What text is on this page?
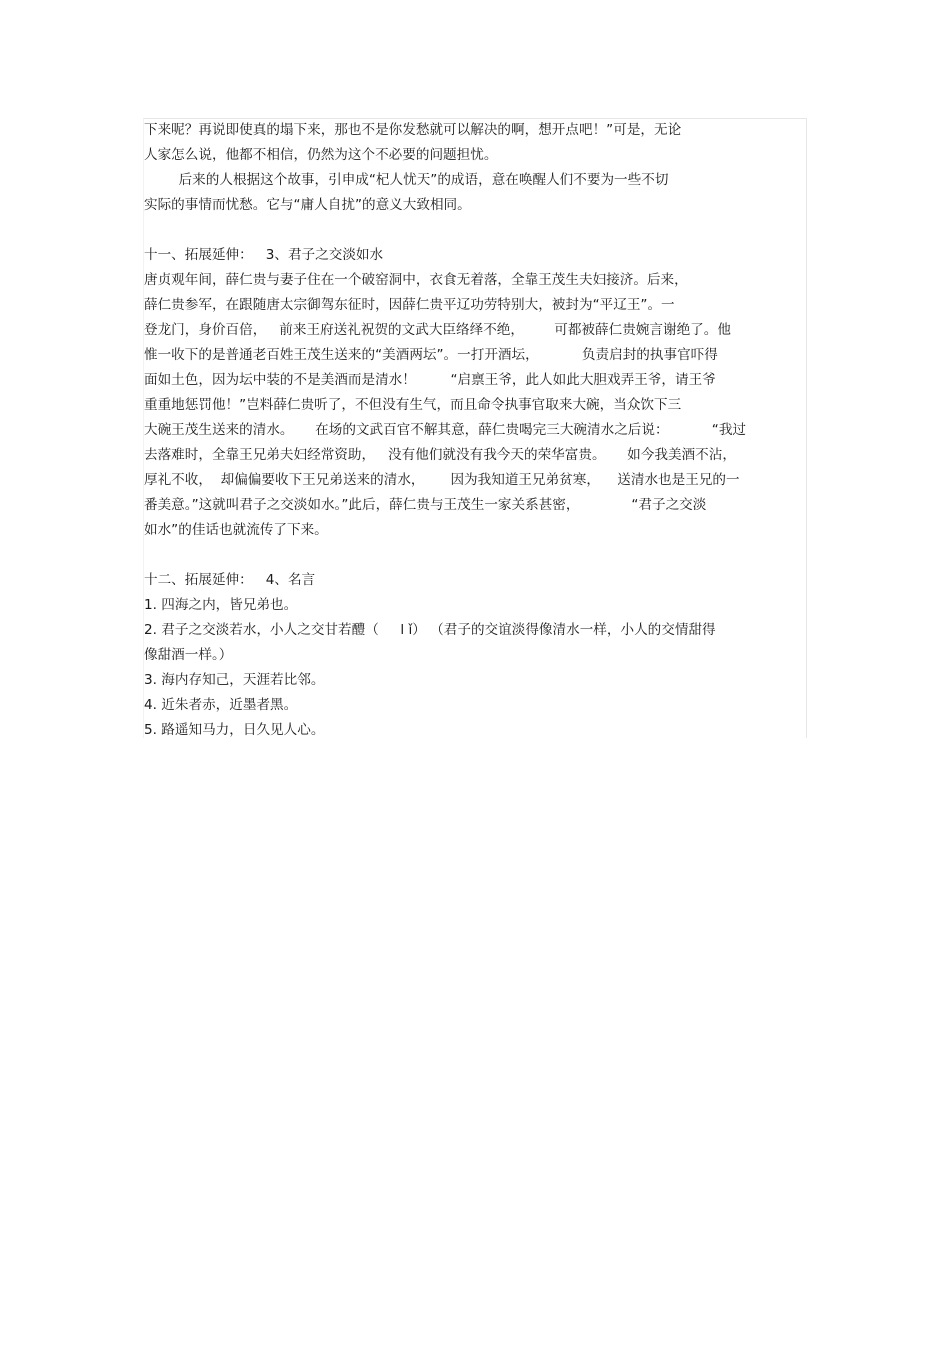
下来呢？再说即使真的塌下来，那也不是你发愁就可以解决的啊，想开点吧！”可是，无论
人家怎么说，他都不相信，仍然为这个不必要的问题担忧。
后来的人根据这个故事，引申成“杞人忧天”的成语，意在唤醒人们不要为一些不切
实际的事情而忧愁。它与“庸人自扰”的意义大致相同。
十一、拓展延伸：   3、君子之交淡如水
唐贞观年间，薛仁贵与妻子住在一个破窑洞中，衣食无着落，全靠王茂生夫妇接济。后来，
薛仁贵参军，在跟随唐太宗御驾东征时，因薛仁贵平辽功劳特别大，被封为“平辽王”。一
登龙门，身价百倍，   前来王府送礼祝贺的文武大臣络绎不绝，       可都被薛仁贵婉言谢绝了。他
惟一收下的是普通老百姓王茂生送来的“美酒两坛”。一打开酒坛，          负责启封的执事官吓得
面如土色，因为坛中装的不是美酒而是清水！        “启禀王爷，此人如此大胆戏弄王爷，请王爷
重重地惩罚他！”岂料薛仁贵听了，不但没有生气，而且命令执事官取来大碗，当众饮下三
大碗王茂生送来的清水。     在场的文武百官不解其意，薛仁贵喝完三大碗清水之后说：          “我过
去落难时，全靠王兄弟夫妇经常资助，   没有他们就没有我今天的荣华富贵。     如今我美酒不沾，
厚礼不收，  却偏偏要收下王兄弟送来的清水，      因为我知道王兄弟贫寒，    送清水也是王兄的一
番美意。”这就叫君子之交淡如水。”此后，薛仁贵与王茂生一家关系甚密，            “君子之交淡
如水”的佳话也就流传了下来。
十二、拓展延伸：   4、名言
1. 四海之内，皆兄弟也。
2. 君子之交淡若水，小人之交甘若醴（     l ǐ） （君子的交谊淡得像清水一样，小人的交情甜得
像甜酒一样。）
3. 海内存知己，天涯若比邻。
4. 近朱者赤，近墨者黑。
5. 路遥知马力，日久见人心。
